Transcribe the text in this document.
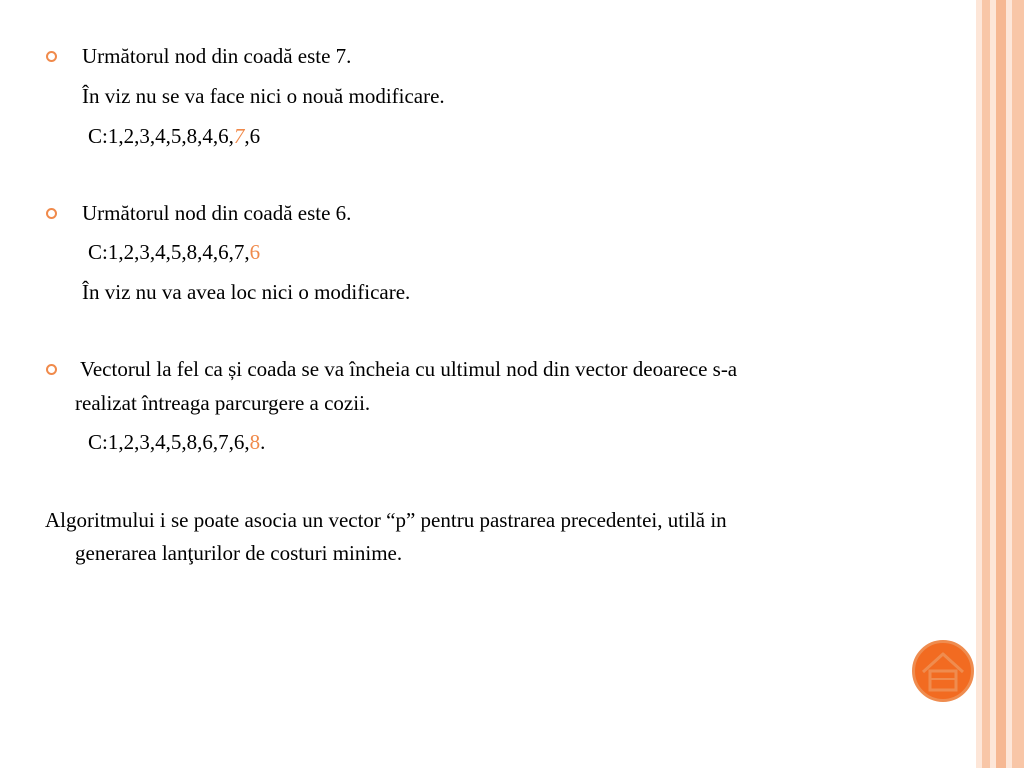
Următorul nod din coadă este 7.
În viz nu se va face nici o nouă modificare.
C:1,2,3,4,5,8,4,6,7,6
Următorul nod din coadă este 6.
C:1,2,3,4,5,8,4,6,7,6
În viz nu va avea loc nici o modificare.
Vectorul la fel ca și coada se va încheia cu ultimul nod din vector deoarece s-a
realizat întreaga parcurgere a cozii.
C:1,2,3,4,5,8,6,7,6,8.
Algoritmului i se poate asocia un vector “p” pentru pastrarea precedentei, utilă in
generarea lanţurilor de costuri minime.
